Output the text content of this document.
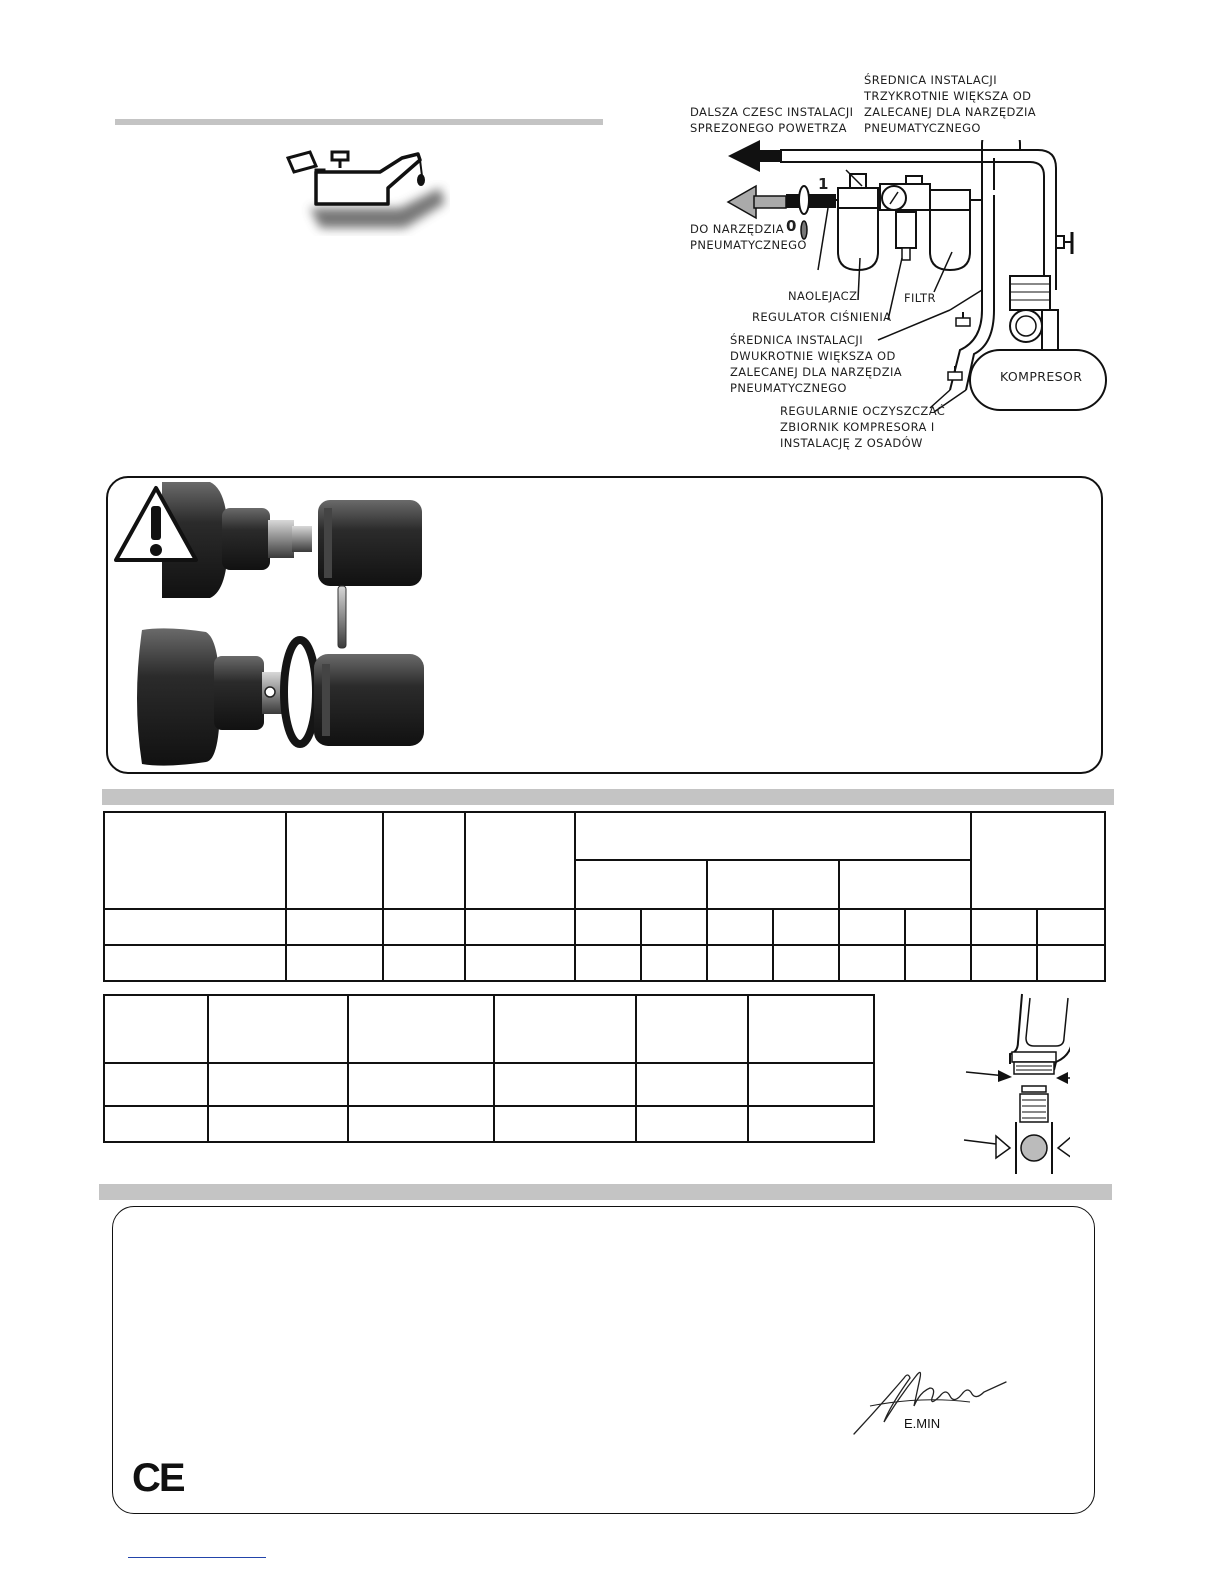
DALSZA CZESC INSTALACJI
SPREZONEGO POWETRZA
ŚREDNICA INSTALACJI
TRZYKROTNIE WIĘKSZA OD
ZALECANEJ DLA NARZĘDZIA
PNEUMATYCZNEGO
DO NARZĘDZIA
PNEUMATYCZNEGO
1
0
NAOLEJACZ
REGULATOR CIŚNIENIA
FILTR
ŚREDNICA INSTALACJI
DWUKROTNIE WIĘKSZA OD
ZALECANEJ DLA NARZĘDZIA
PNEUMATYCZNEGO
KOMPRESOR
REGULARNIE OCZYSZCZAĆ
ZBIORNIK KOMPRESORA I
INSTALACJĘ Z OSADÓW

E.MIN
CE
